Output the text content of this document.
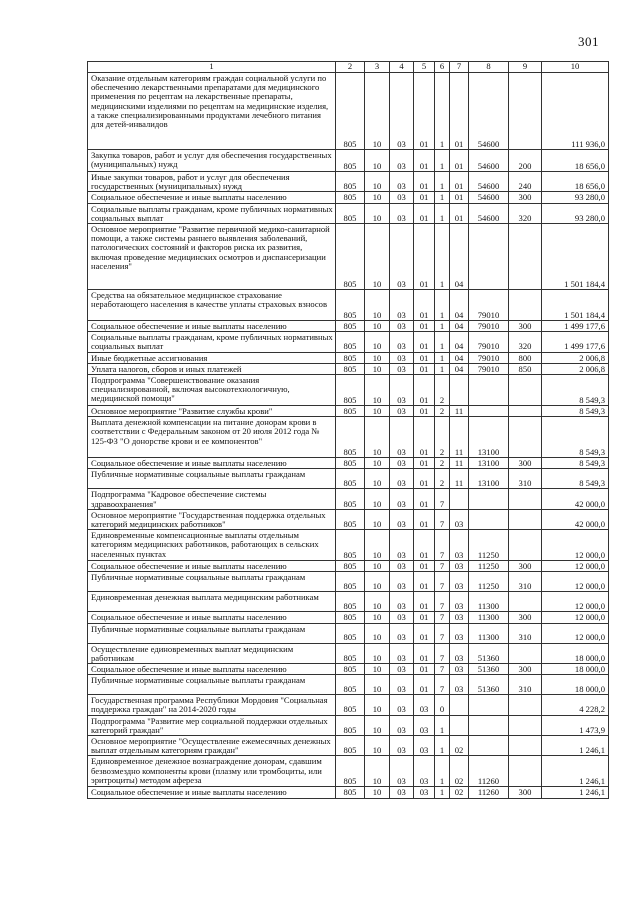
301
1	2	3	4	5	6	7	8	9	10
Оказание отдельным категориям граждан социальной услуги по обеспечению лекарственными препаратами для медицинского применения по рецептам на лекарственные препараты, медицинскими изделиями по рецептам на медицинские изделия, а также специализированными продуктами лечебного питания для детей-инвалидов	805	10	03	01	1	01	54600		111 936,0
Закупка товаров, работ и услуг для обеспечения государственных (муниципальных) нужд	805	10	03	01	1	01	54600	200	18 656,0
Иные закупки товаров, работ и услуг для обеспечения государственных (муниципальных) нужд	805	10	03	01	1	01	54600	240	18 656,0
Социальное обеспечение и иные выплаты населению	805	10	03	01	1	01	54600	300	93 280,0
Социальные выплаты гражданам, кроме публичных нормативных социальных выплат	805	10	03	01	1	01	54600	320	93 280,0
Основное мероприятие "Развитие первичной медико-санитарной помощи, а также системы раннего выявления заболеваний, патологических состояний и факторов риска их развития, включая проведение медицинских осмотров и диспансеризации населения"	805	10	03	01	1	04			1 501 184,4
Средства на обязательное медицинское страхование неработающего населения в качестве уплаты страховых взносов	805	10	03	01	1	04	79010		1 501 184,4
Социальное обеспечение и иные выплаты населению	805	10	03	01	1	04	79010	300	1 499 177,6
Социальные выплаты гражданам, кроме публичных нормативных социальных выплат	805	10	03	01	1	04	79010	320	1 499 177,6
Иные бюджетные ассигнования	805	10	03	01	1	04	79010	800	2 006,8
Уплата налогов, сборов и иных платежей	805	10	03	01	1	04	79010	850	2 006,8
Подпрограмма "Совершенствование оказания специализированной, включая высокотехнологичную, медицинской помощи"	805	10	03	01	2				8 549,3
Основное мероприятие "Развитие службы крови"	805	10	03	01	2	11			8 549,3
Выплата денежной компенсации на питание донорам крови в соответствии с Федеральным законом от 20 июля 2012 года № 125-ФЗ "О донорстве крови и ее компонентов"	805	10	03	01	2	11	13100		8 549,3
Социальное обеспечение и иные выплаты населению	805	10	03	01	2	11	13100	300	8 549,3
Публичные нормативные социальные выплаты гражданам	805	10	03	01	2	11	13100	310	8 549,3
Подпрограмма "Кадровое обеспечение системы здравоохранения"	805	10	03	01	7				42 000,0
Основное мероприятие "Государственная поддержка отдельных категорий медицинских работников"	805	10	03	01	7	03			42 000,0
Единовременные компенсационные выплаты отдельным категориям медицинских работников, работающих в сельских населенных пунктах	805	10	03	01	7	03	11250		12 000,0
Социальное обеспечение и иные выплаты населению	805	10	03	01	7	03	11250	300	12 000,0
Публичные нормативные социальные выплаты гражданам	805	10	03	01	7	03	11250	310	12 000,0
Единовременная денежная выплата медицинским работникам	805	10	03	01	7	03	11300		12 000,0
Социальное обеспечение и иные выплаты населению	805	10	03	01	7	03	11300	300	12 000,0
Публичные нормативные социальные выплаты гражданам	805	10	03	01	7	03	11300	310	12 000,0
Осуществление единовременных выплат медицинским работникам	805	10	03	01	7	03	51360		18 000,0
Социальное обеспечение и иные выплаты населению	805	10	03	01	7	03	51360	300	18 000,0
Публичные нормативные социальные выплаты гражданам	805	10	03	01	7	03	51360	310	18 000,0
Государственная программа Республики Мордовия "Социальная поддержка граждан" на 2014-2020 годы	805	10	03	03	0				4 228,2
Подпрограмма "Развитие мер социальной поддержки отдельных категорий граждан"	805	10	03	03	1				1 473,9
Основное мероприятие "Осуществление ежемесячных денежных выплат отдельным категориям граждан"	805	10	03	03	1	02			1 246,1
Единовременное денежное вознаграждение донорам, сдавшим безвозмездно компоненты крови (плазму или тромбоциты, или эритроциты) методом афереза	805	10	03	03	1	02	11260		1 246,1
Социальное обеспечение и иные выплаты населению	805	10	03	03	1	02	11260	300	1 246,1
